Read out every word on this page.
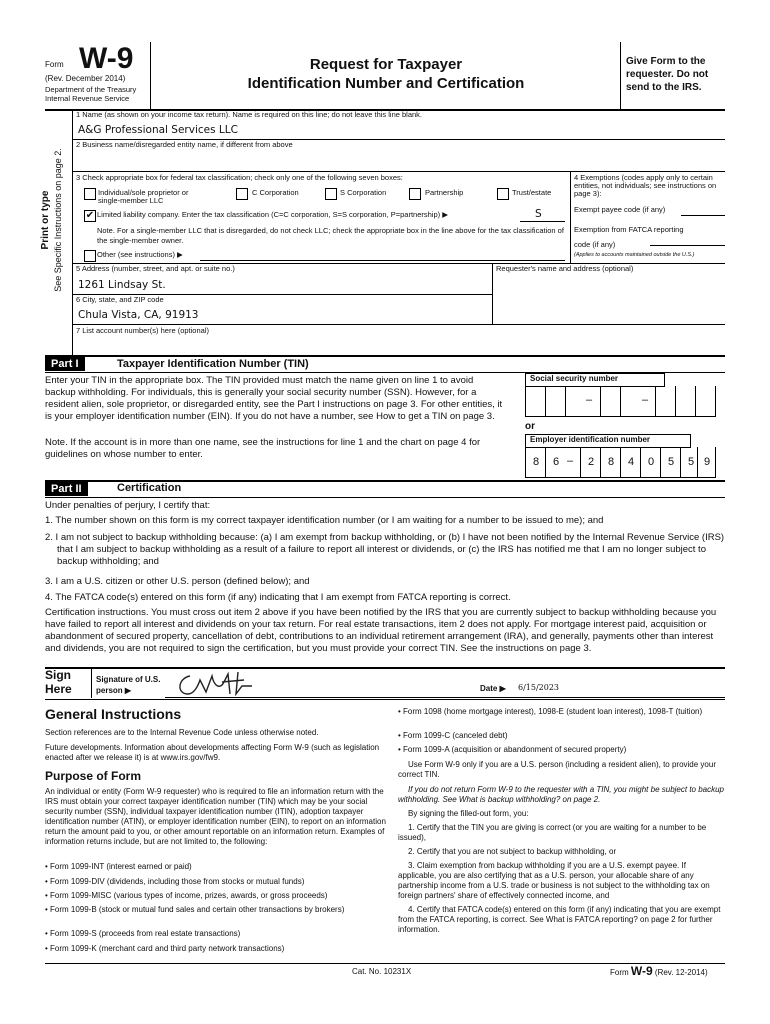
Form W-9
(Rev. December 2014)
Department of the Treasury
Internal Revenue Service
Request for Taxpayer
Identification Number and Certification
Give Form to the requester. Do not send to the IRS.
Print or type See Specific Instructions on page 2.
1 Name (as shown on your income tax return). Name is required on this line; do not leave this line blank.
A&G Professional Services LLC
2 Business name/disregarded entity name, if different from above
3 Check appropriate box for federal tax classification; check only one of the following seven boxes:
Individual/sole proprietor or single-member LLC
C Corporation	S Corporation	Partnership	Trust/estate
✔ Limited liability company. Enter the tax classification (C=C corporation, S=S corporation, P=partnership) ▶	S
Note. For a single-member LLC that is disregarded, do not check LLC; check the appropriate box in the line above for the tax classification of the single-member owner.
Other (see instructions) ▶
4 Exemptions (codes apply only to certain entities, not individuals; see instructions on page 3):
Exempt payee code (if any)
Exemption from FATCA reporting code (if any)
(Applies to accounts maintained outside the U.S.)
5 Address (number, street, and apt. or suite no.)	Requester's name and address (optional)
1261 Lindsay St.
6 City, state, and ZIP code
Chula Vista, CA, 91913
7 List account number(s) here (optional)
Part I	Taxpayer Identification Number (TIN)
Enter your TIN in the appropriate box. The TIN provided must match the name given on line 1 to avoid backup withholding. For individuals, this is generally your social security number (SSN). However, for a resident alien, sole proprietor, or disregarded entity, see the Part I instructions on page 3. For other entities, it is your employer identification number (EIN). If you do not have a number, see How to get a TIN on page 3.
Note. If the account is in more than one name, see the instructions for line 1 and the chart on page 4 for guidelines on whose number to enter.
Social security number
–	–
or
Employer identification number
8	6 –	2	8	4	0	5	5 9
Part II	Certification
Under penalties of perjury, I certify that:
1. The number shown on this form is my correct taxpayer identification number (or I am waiting for a number to be issued to me); and
2. I am not subject to backup withholding because: (a) I am exempt from backup withholding, or (b) I have not been notified by the Internal Revenue Service (IRS) that I am subject to backup withholding as a result of a failure to report all interest or dividends, or (c) the IRS has notified me that I am no longer subject to backup withholding; and
3. I am a U.S. citizen or other U.S. person (defined below); and
4. The FATCA code(s) entered on this form (if any) indicating that I am exempt from FATCA reporting is correct.
Certification instructions. You must cross out item 2 above if you have been notified by the IRS that you are currently subject to backup withholding because you have failed to report all interest and dividends on your tax return. For real estate transactions, item 2 does not apply. For mortgage interest paid, acquisition or abandonment of secured property, cancellation of debt, contributions to an individual retirement arrangement (IRA), and generally, payments other than interest and dividends, you are not required to sign the certification, but you must provide your correct TIN. See the instructions on page 3.
Sign Here
Signature of U.S. person ▶	Date ▶ 6/15/2023
General Instructions
Section references are to the Internal Revenue Code unless otherwise noted.
Future developments. Information about developments affecting Form W-9 (such as legislation enacted after we release it) is at www.irs.gov/fw9.
Purpose of Form
An individual or entity (Form W-9 requester) who is required to file an information return with the IRS must obtain your correct taxpayer identification number (TIN) which may be your social security number (SSN), individual taxpayer identification number (ITIN), adoption taxpayer identification number (ATIN), or employer identification number (EIN), to report on an information return the amount paid to you, or other amount reportable on an information return. Examples of information returns include, but are not limited to, the following:
• Form 1099-INT (interest earned or paid)
• Form 1099-DIV (dividends, including those from stocks or mutual funds)
• Form 1099-MISC (various types of income, prizes, awards, or gross proceeds)
• Form 1099-B (stock or mutual fund sales and certain other transactions by brokers)
• Form 1099-S (proceeds from real estate transactions)
• Form 1099-K (merchant card and third party network transactions)
• Form 1098 (home mortgage interest), 1098-E (student loan interest), 1098-T (tuition)
• Form 1099-C (canceled debt)
• Form 1099-A (acquisition or abandonment of secured property)
Use Form W-9 only if you are a U.S. person (including a resident alien), to provide your correct TIN.
If you do not return Form W-9 to the requester with a TIN, you might be subject to backup withholding. See What is backup withholding? on page 2.
By signing the filled-out form, you:
1. Certify that the TIN you are giving is correct (or you are waiting for a number to be issued),
2. Certify that you are not subject to backup withholding, or
3. Claim exemption from backup withholding if you are a U.S. exempt payee. If applicable, you are also certifying that as a U.S. person, your allocable share of any partnership income from a U.S. trade or business is not subject to the withholding tax on foreign partners' share of effectively connected income, and
4. Certify that FATCA code(s) entered on this form (if any) indicating that you are exempt from the FATCA reporting, is correct. See What is FATCA reporting? on page 2 for further information.
Cat. No. 10231X	Form W-9 (Rev. 12-2014)
